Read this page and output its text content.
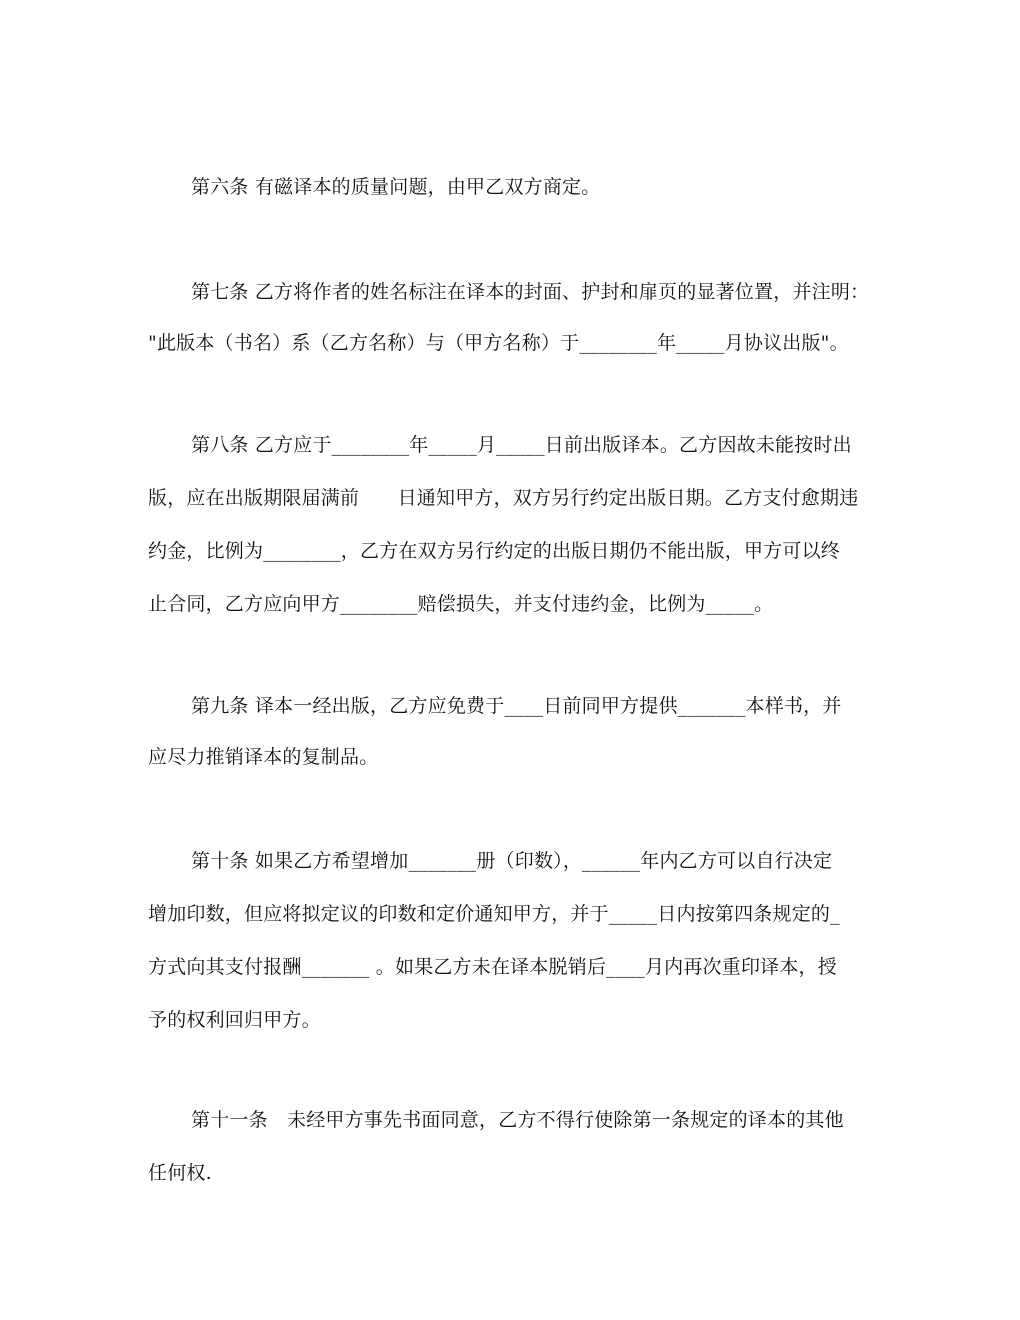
第六条 有磁译本的质量问题，由甲乙双方商定。
第七条 乙方将作者的姓名标注在译本的封面、护封和扉页的显著位置，并注明：
"此版本（书名）系（乙方名称）与（甲方名称）于________年_____月协议出版"。
第八条 乙方应于________年_____月_____日前出版译本。乙方因故未能按时出
版，应在出版期限届满前　　日通知甲方，双方另行约定出版日期。乙方支付愈期违
约金，比例为________，乙方在双方另行约定的出版日期仍不能出版，甲方可以终
止合同，乙方应向甲方________赔偿损失，并支付违约金，比例为_____。
第九条 译本一经出版，乙方应免费于____日前同甲方提供_______本样书，并
应尽力推销译本的复制品。
第十条 如果乙方希望增加_______册（印数），______年内乙方可以自行决定
增加印数，但应将拟定议的印数和定价通知甲方，并于_____日内按第四条规定的_
方式向其支付报酬_______ 。如果乙方未在译本脱销后____月内再次重印译本，授
予的权利回归甲方。
第十一条　未经甲方事先书面同意，乙方不得行使除第一条规定的译本的其他
任何权.
